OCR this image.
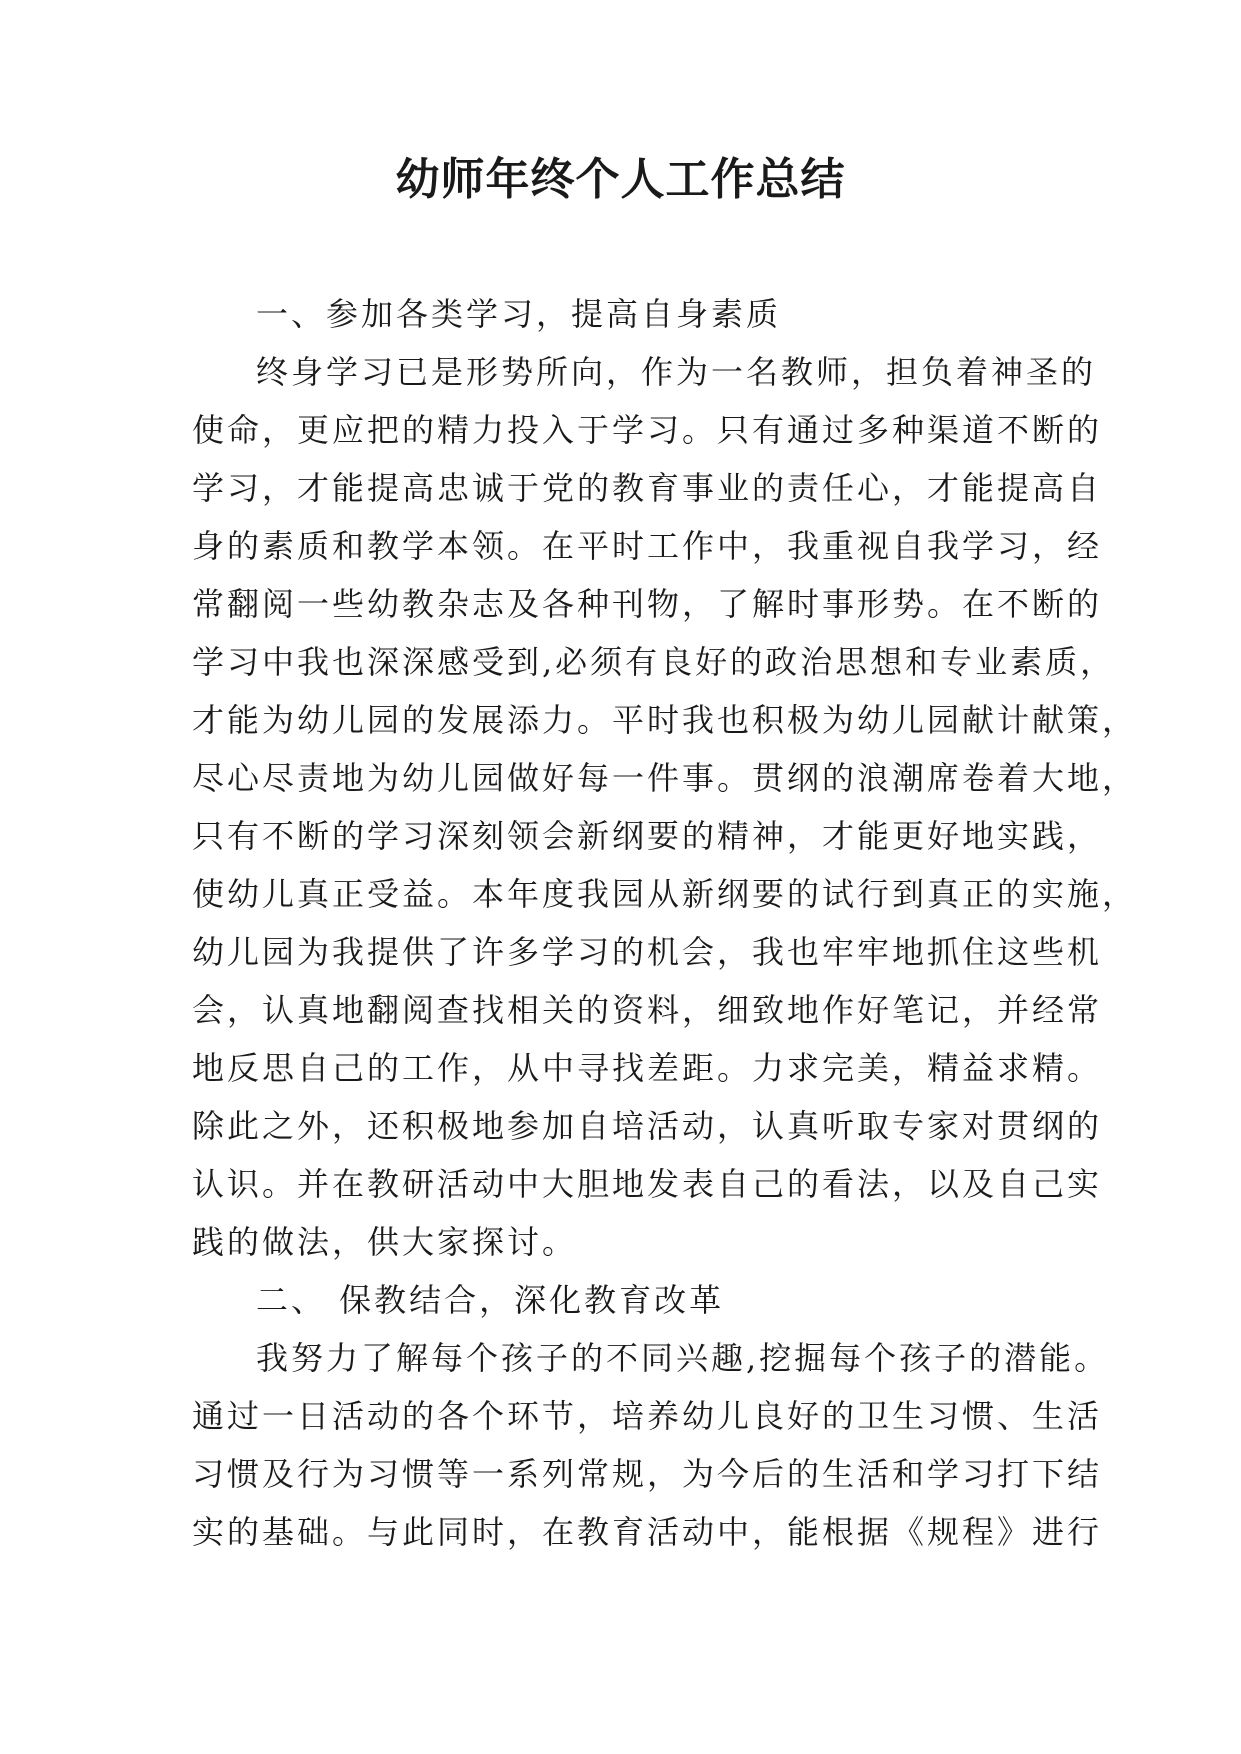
幼师年终个人工作总结
一、参加各类学习，提高自身素质
终身学习已是形势所向，作为一名教师，担负着神圣的
使命，更应把的精力投入于学习。只有通过多种渠道不断的
学习，才能提高忠诚于党的教育事业的责任心，才能提高自
身的素质和教学本领。在平时工作中，我重视自我学习，经
常翻阅一些幼教杂志及各种刊物，了解时事形势。在不断的
学习中我也深深感受到,必须有良好的政治思想和专业素质，
才能为幼儿园的发展添力。平时我也积极为幼儿园献计献策，
尽心尽责地为幼儿园做好每一件事。贯纲的浪潮席卷着大地，
只有不断的学习深刻领会新纲要的精神，才能更好地实践，
使幼儿真正受益。本年度我园从新纲要的试行到真正的实施，
幼儿园为我提供了许多学习的机会，我也牢牢地抓住这些机
会，认真地翻阅查找相关的资料，细致地作好笔记，并经常
地反思自己的工作，从中寻找差距。力求完美，精益求精。
除此之外，还积极地参加自培活动，认真听取专家对贯纲的
认识。并在教研活动中大胆地发表自己的看法，以及自己实
践的做法，供大家探讨。
二、 保教结合，深化教育改革
我努力了解每个孩子的不同兴趣,挖掘每个孩子的潜能。
通过一日活动的各个环节，培养幼儿良好的卫生习惯、生活
习惯及行为习惯等一系列常规，为今后的生活和学习打下结
实的基础。与此同时，在教育活动中，能根据《规程》进行
